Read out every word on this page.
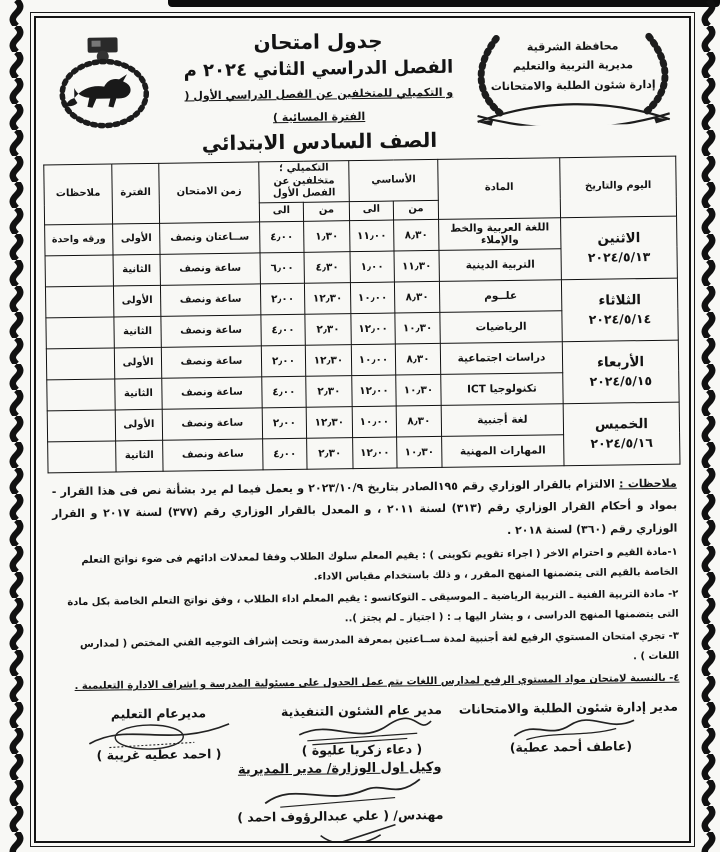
محافظة الشرقية
مديرية التربية والتعليم
إدارة شئون الطلبة والامتحانات
جدول امتحان
الفصل الدراسي الثاني ٢٠٢٤ م
و التكميلي للمتخلفين عن الفصل الدراسي الأول ( الفترة المسائية )
الصف السادس الابتدائي
اليوم والتاريخ	المادة	الأساسي		التكميلي ؛ متخلفين عن الفصل الأول		زمن الامتحان	الفترة	ملاحظات
		من	الى	من	الى			

الاثنين
٢٠٢٤/٥/١٣	اللغة العربية والخط والإملاء	٨٫٣٠	١١٫٠٠	١٫٣٠	٤٫٠٠	ســاعتان ونصف	الأولى	ورقه واحدة
	التربية الدينية	١١٫٣٠	١٫٠٠	٤٫٣٠	٦٫٠٠	ساعة ونصف	الثانية	

الثلاثاء
٢٠٢٤/٥/١٤	علــوم	٨٫٣٠	١٠٫٠٠	١٢٫٣٠	٢٫٠٠	ساعة ونصف	الأولى	
	الرياضيات	١٠٫٣٠	١٢٫٠٠	٢٫٣٠	٤٫٠٠	ساعة ونصف	الثانية	

الأربعاء
٢٠٢٤/٥/١٥	دراسات اجتماعية	٨٫٣٠	١٠٫٠٠	١٢٫٣٠	٢٫٠٠	ساعة ونصف	الأولى	
	تكنولوجيا ICT	١٠٫٣٠	١٢٫٠٠	٢٫٣٠	٤٫٠٠	ساعة ونصف	الثانية	

الخميس
٢٠٢٤/٥/١٦	لغة أجنبية	٨٫٣٠	١٠٫٠٠	١٢٫٣٠	٢٫٠٠	ساعة ونصف	الأولى	
	المهارات المهنية	١٠٫٣٠	١٢٫٠٠	٢٫٣٠	٤٫٠٠	ساعة ونصف	الثانية	

ملاحظات : الالتزام بالقرار الوزاري رقم ١٩٥الصادر بتاريخ ٢٠٢٣/١٠/٩ و يعمل فيما لم يرد بشأنة نص فى هذا القرار - بمواد و أحكام القرار الوزاري رقم (٣١٣) لسنة ٢٠١١ ، و المعدل بالقرار الوزاري رقم (٣٧٧) لسنة ٢٠١٧ و القرار الوزاري رقم (٣٦٠) لسنة ٢٠١٨ .

١-مادة القيم و احترام الاخر ( اجراء تقويم تكوينى ) : يقيم المعلم سلوك الطلاب وفقا لمعدلات ادائهم فى ضوء نواتج التعلم الخاصة بالقيم التى يتضمنها المنهج المقرر ، و ذلك باستخدام مقياس الاداء.
٢- مادة التربية الفنية ـ التربية الرياضية ـ الموسيقى ـ التوكاتسو : يقيم المعلم اداء الطلاب ، وفق نواتج التعلم الخاصة بكل مادة التى يتضمنها المنهج الدراسى ، و يشار اليها بـ : ( اجتياز ـ لم يجتز )..
٣- تجري امتحان المستوي الرفيع لغة أجنبية لمدة ســاعتين بمعرفة المدرسة وتحت إشراف التوجيه الفني المختص ( لمدارس اللغات ) .
٤- بالنسبة لامتحان مواد المستوي الرفيع لمدارس اللغات يتم عمل الجدول على مسئولية المدرسة و اشراف الادارة التعليمية .
مدير إدارة شئون الطلبة والامتحانات
(عاطف أحمد عطية)
مدير عام الشئون التنفيذية
( دعاء زكريا عليوة )
مديرعام التعليم
( احمد عطيه غريبة )
وكيل اول الوزارة/ مدير المديرية
مهندس/ ( علي عبدالرؤوف احمد )
